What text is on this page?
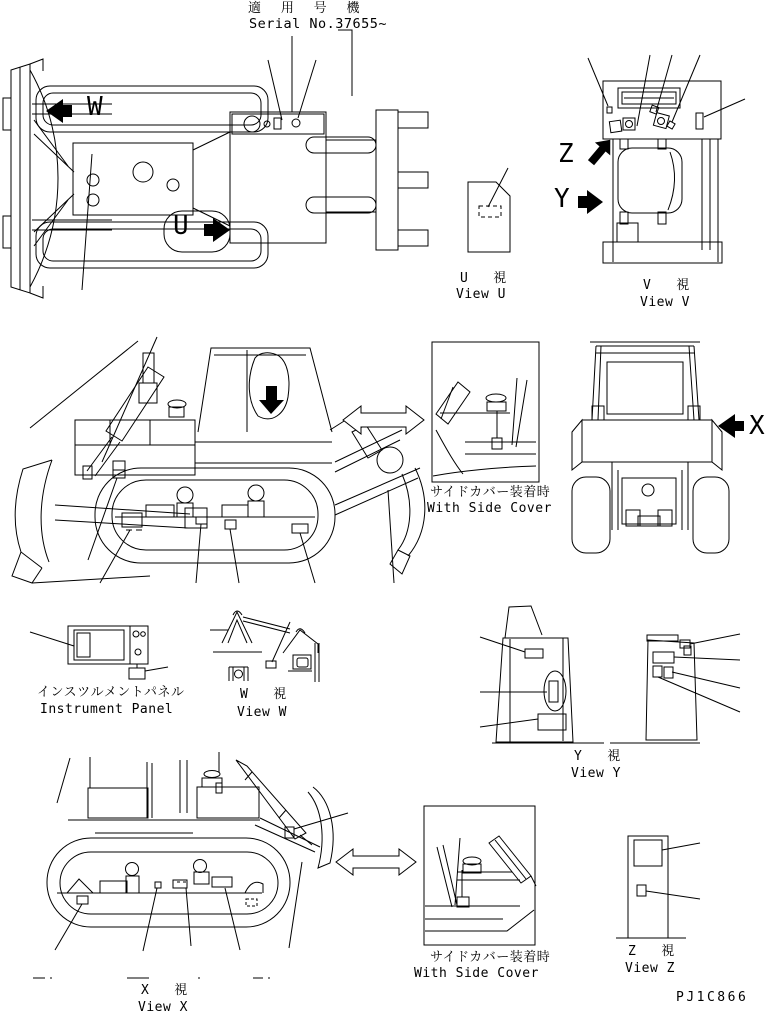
適 用 号 機
Serial No.37655~
W
U
Z
Y
X
U   視
View U
V   視
View V
サイドカバー装着時
With Side Cover
インスツルメントパネル
Instrument Panel
W   視
View W
Y   視
View Y
サイドカバー装着時
With Side Cover
X   視
View X
Z   視
View Z
PJ1C866
